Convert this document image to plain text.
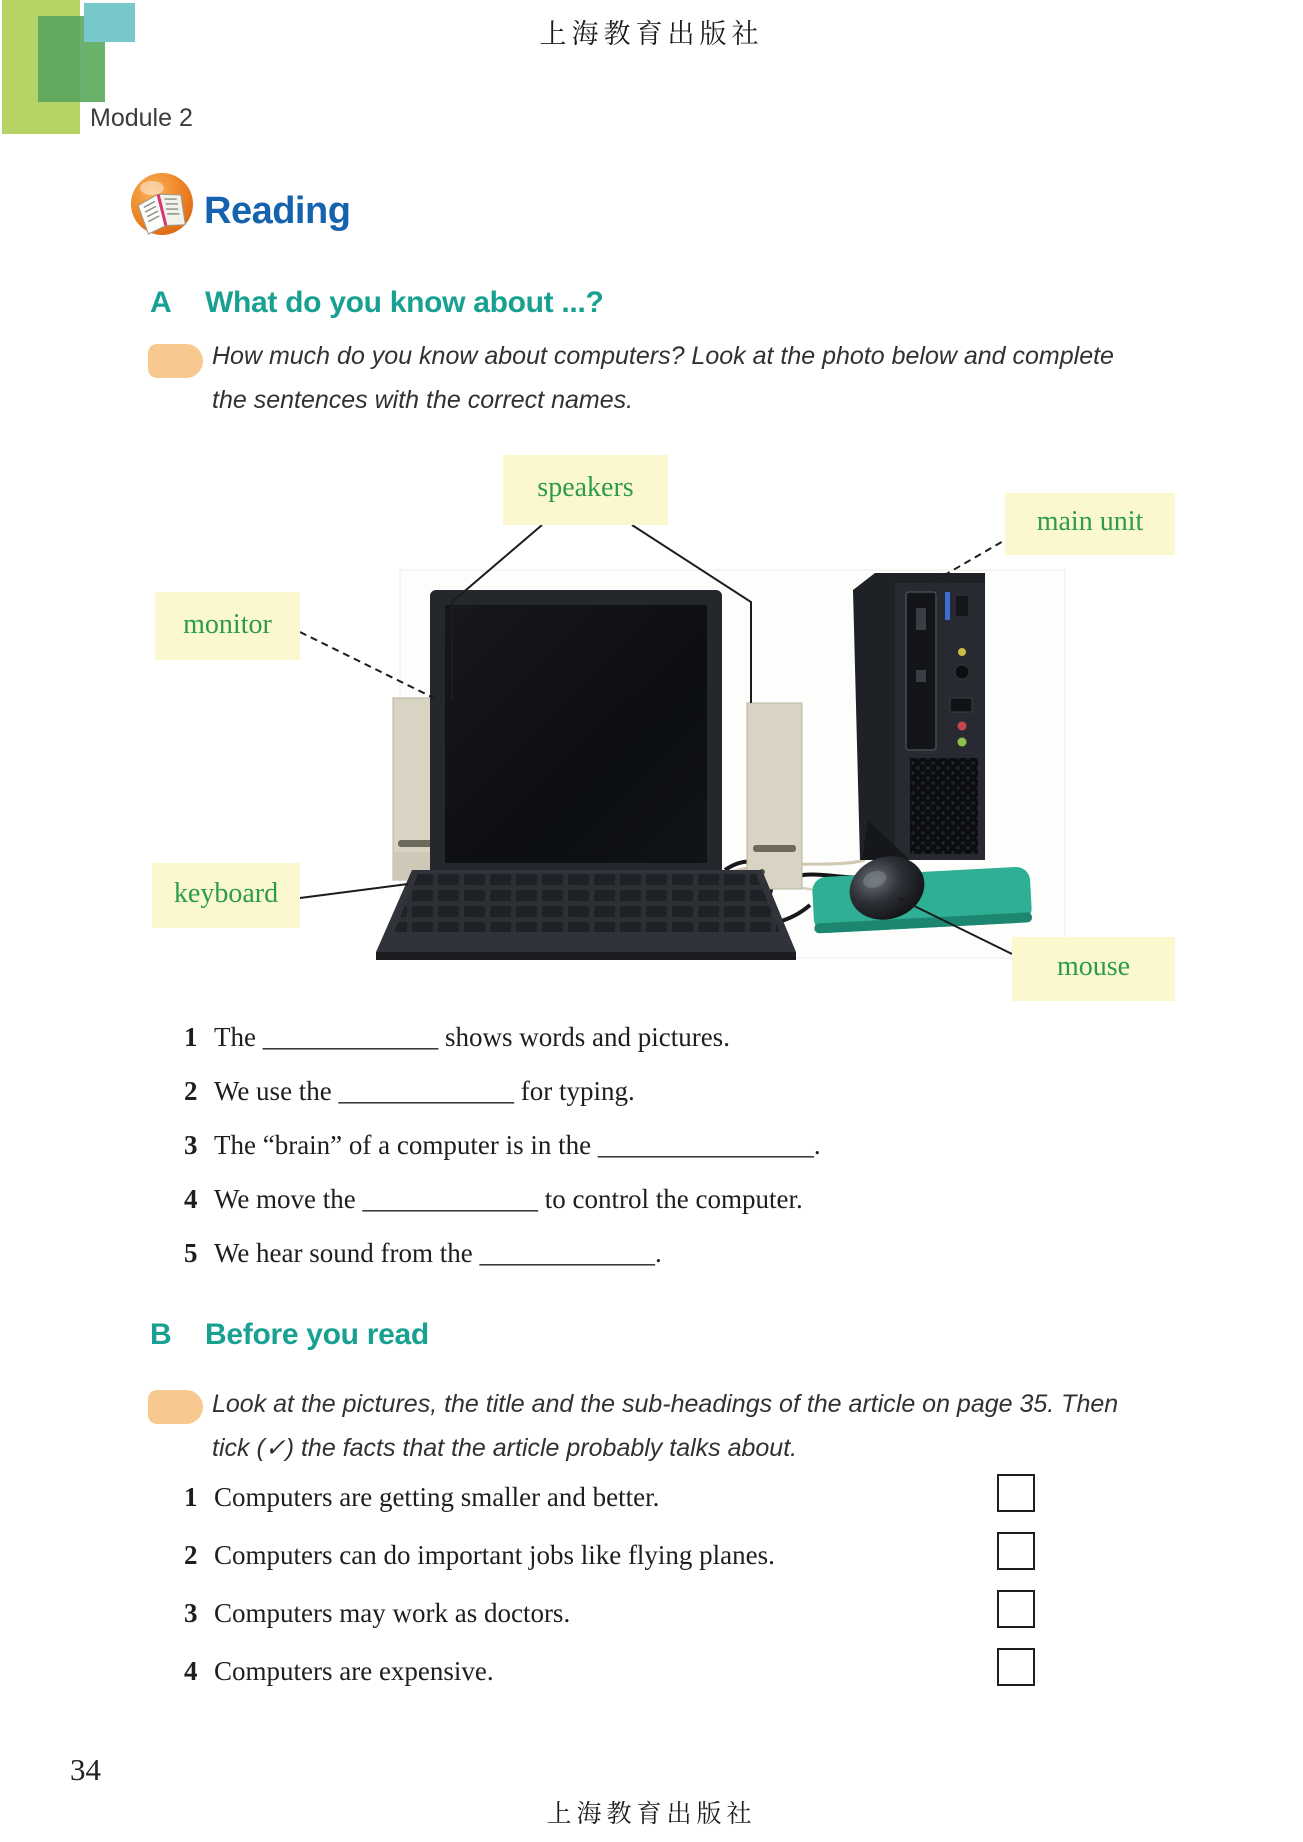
上海教育出版社
Module 2
Reading
A What do you know about ...?
How much do you know about computers? Look at the photo below and complete
the sentences with the correct names.
speakers
main unit
monitor
keyboard
mouse
1 The _____________ shows words and pictures.
2 We use the _____________ for typing.
3 The “brain” of a computer is in the ________________.
4 We move the _____________ to control the computer.
5 We hear sound from the _____________.
B Before you read
Look at the pictures, the title and the sub-headings of the article on page 35. Then
tick (✓) the facts that the article probably talks about.
1 Computers are getting smaller and better.
2 Computers can do important jobs like flying planes.
3 Computers may work as doctors.
4 Computers are expensive.
34
上海教育出版社
